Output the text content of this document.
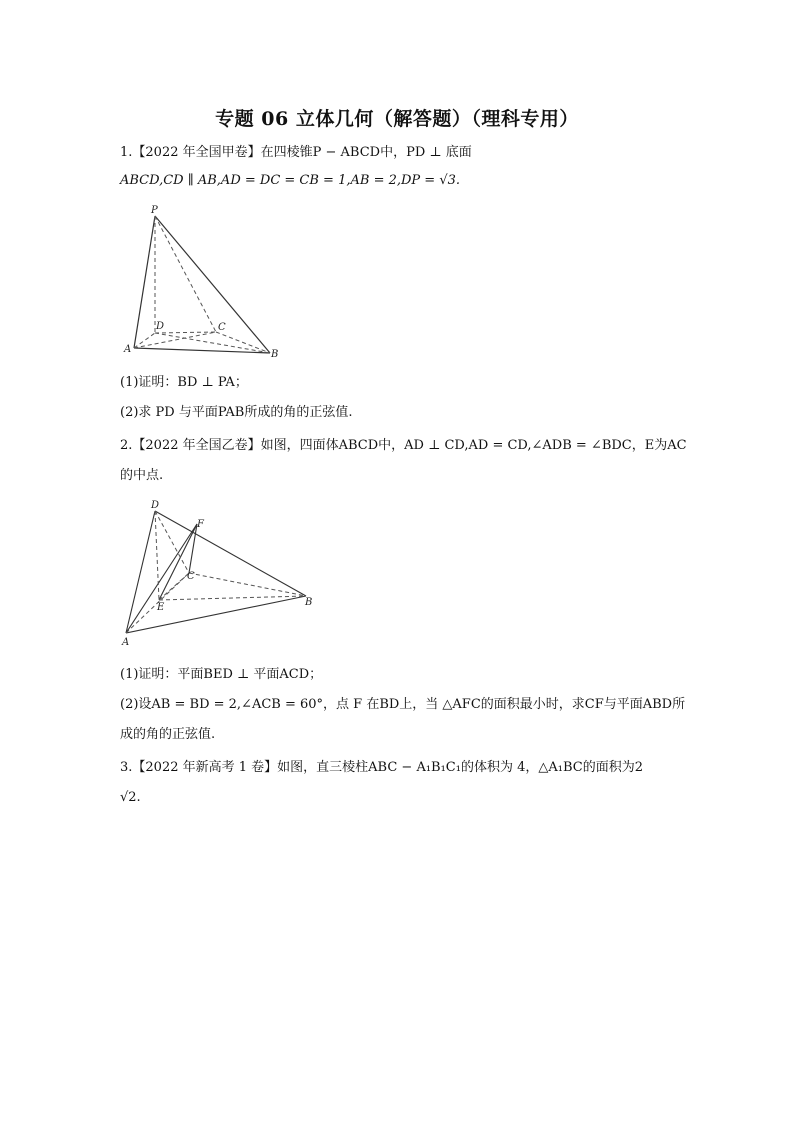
专题 06 立体几何（解答题）（理科专用）
1.【2022 年全国甲卷】在四棱锥P − ABCD中，PD ⊥ 底面
ABCD,CD ∥ AB,AD = DC = CB = 1,AB = 2,DP = √3.
P
D	C
A	B
(1)证明：BD ⊥ PA；
(2)求 PD 与平面PAB所成的角的正弦值.
2.【2022 年全国乙卷】如图，四面体ABCD中，AD ⊥ CD,AD = CD,∠ADB = ∠BDC，E为AC
的中点.
D
F
C
E	B
A
(1)证明：平面BED ⊥ 平面ACD；
(2)设AB = BD = 2,∠ACB = 60°，点 F 在BD上，当 △AFC的面积最小时，求CF与平面ABD所
成的角的正弦值.
3.【2022 年新高考 1 卷】如图，直三棱柱ABC − A₁B₁C₁的体积为 4，△A₁BC的面积为2
√2.
